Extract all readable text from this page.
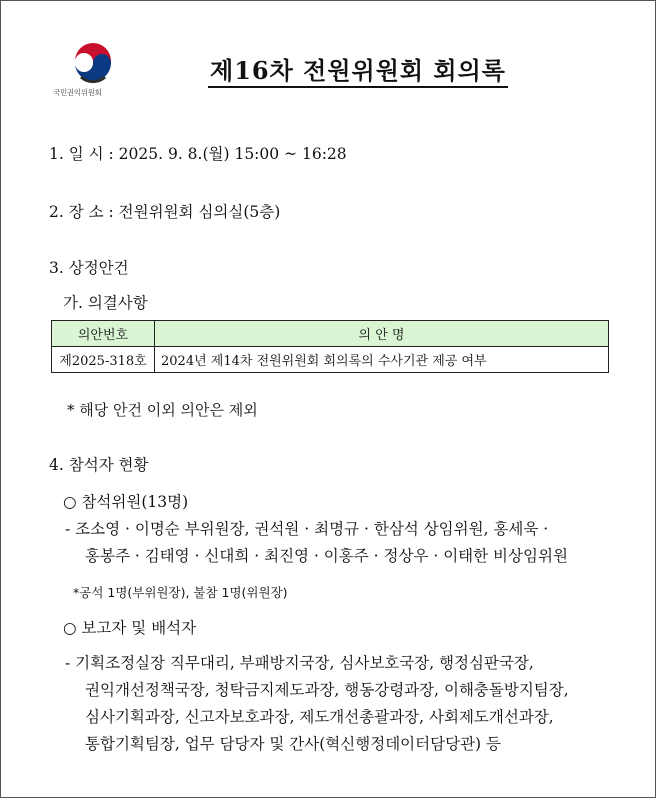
국민권익위원회
제16차 전원위원회 회의록
1. 일 시 : 2025. 9. 8.(월) 15:00 ~ 16:28
2. 장 소 : 전원위원회 심의실(5층)
3. 상정안건
가. 의결사항
의안번호	의 안 명
제2025-318호	2024년 제14차 전원위원회 회의록의 수사기관 제공 여부
* 해당 안건 이외 의안은 제외
4. 참석자 현황
○ 참석위원(13명)
- 조소영 · 이명순 부위원장, 권석원 · 최명규 · 한삼석 상임위원, 홍세욱 ·
홍봉주 · 김태영 · 신대희 · 최진영 · 이홍주 · 정상우 · 이태한 비상임위원
*공석 1명(부위원장), 불참 1명(위원장)
○ 보고자 및 배석자
- 기획조정실장 직무대리, 부패방지국장, 심사보호국장, 행정심판국장,
권익개선정책국장, 청탁금지제도과장, 행동강령과장, 이해충돌방지팀장,
심사기획과장, 신고자보호과장, 제도개선총괄과장, 사회제도개선과장,
통합기획팀장, 업무 담당자 및 간사(혁신행정데이터담당관) 등
